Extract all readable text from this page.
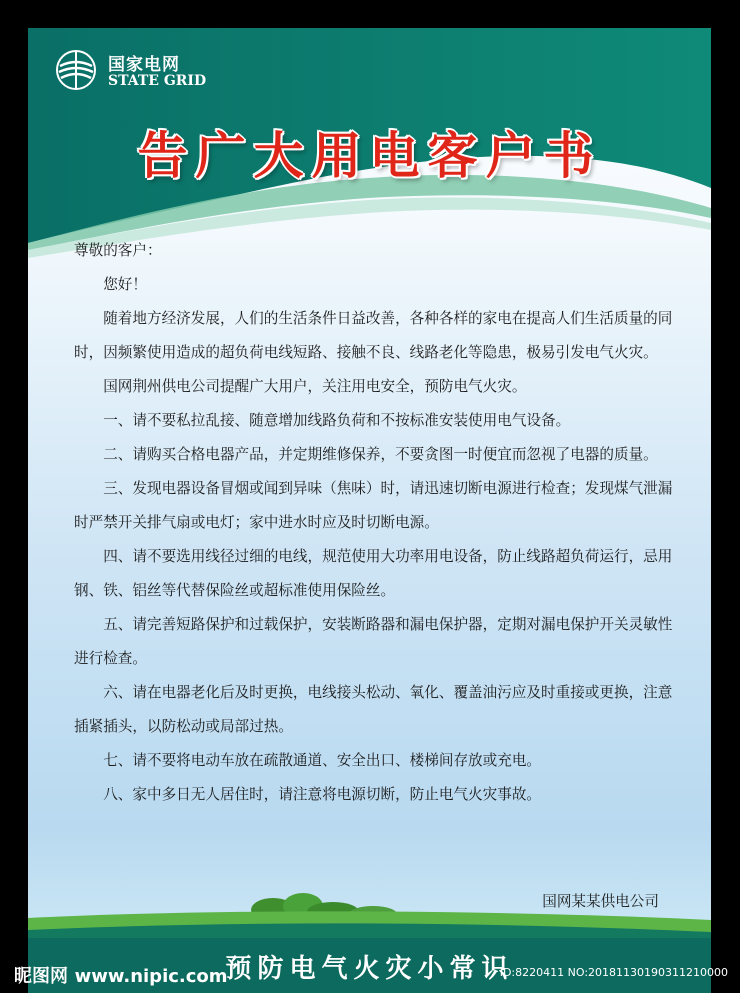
国家电网
STATE GRID
告广大用电客户书

尊敬的客户：

您好！

随着地方经济发展，人们的生活条件日益改善，各种各样的家电在提高人们生活质量的同时，因频繁使用造成的超负荷电线短路、接触不良、线路老化等隐患，极易引发电气火灾。

国网荆州供电公司提醒广大用户，关注用电安全，预防电气火灾。

一、请不要私拉乱接、随意增加线路负荷和不按标准安装使用电气设备。

二、请购买合格电器产品，并定期维修保养，不要贪图一时便宜而忽视了电器的质量。

三、发现电器设备冒烟或闻到异味（焦味）时，请迅速切断电源进行检查；发现煤气泄漏时严禁开关排气扇或电灯；家中进水时应及时切断电源。

四、请不要选用线径过细的电线，规范使用大功率用电设备，防止线路超负荷运行，忌用钢、铁、铝丝等代替保险丝或超标准使用保险丝。

五、请完善短路保护和过载保护，安装断路器和漏电保护器，定期对漏电保护开关灵敏性进行检查。

六、请在电器老化后及时更换，电线接头松动、氧化、覆盖油污应及时重接或更换，注意插紧插头，以防松动或局部过热。

七、请不要将电动车放在疏散通道、安全出口、楼梯间存放或充电。

八、家中多日无人居住时，请注意将电源切断，防止电气火灾事故。

国网某某供电公司
预防电气火灾小常识
昵图网 www.nipic.com	ID:8220411 NO:20181130190311210000
